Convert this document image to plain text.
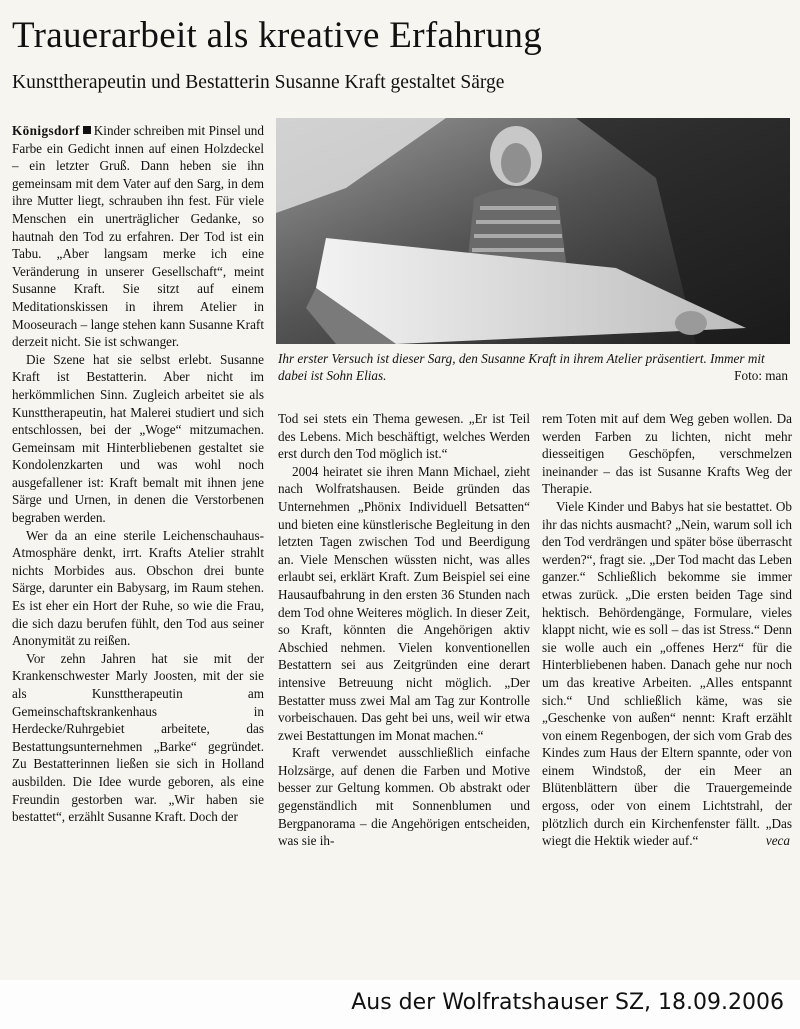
Trauerarbeit als kreative Erfahrung
Kunsttherapeutin und Bestatterin Susanne Kraft gestaltet Särge

Königsdorf Kinder schreiben mit Pinsel und Farbe ein Gedicht innen auf einen Holzdeckel – ein letzter Gruß. Dann heben sie ihn gemeinsam mit dem Vater auf den Sarg, in dem ihre Mutter liegt, schrauben ihn fest. Für viele Menschen ein unerträglicher Gedanke, so hautnah den Tod zu erfahren. Der Tod ist ein Tabu. „Aber langsam merke ich eine Veränderung in unserer Gesellschaft“, meint Susanne Kraft. Sie sitzt auf einem Meditationskissen in ihrem Atelier in Mooseurach – lange stehen kann Susanne Kraft derzeit nicht. Sie ist schwanger.

Die Szene hat sie selbst erlebt. Susanne Kraft ist Bestatterin. Aber nicht im herkömmlichen Sinn. Zugleich arbeitet sie als Kunsttherapeutin, hat Malerei studiert und sich entschlossen, bei der „Woge“ mitzumachen. Gemeinsam mit Hinterbliebenen gestaltet sie Kondolenzkarten und was wohl noch ausgefallener ist: Kraft bemalt mit ihnen jene Särge und Urnen, in denen die Verstorbenen begraben werden.

Wer da an eine sterile Leichenschauhaus-Atmosphäre denkt, irrt. Krafts Atelier strahlt nichts Morbides aus. Obschon drei bunte Särge, darunter ein Babysarg, im Raum stehen. Es ist eher ein Hort der Ruhe, so wie die Frau, die sich dazu berufen fühlt, den Tod aus seiner Anonymität zu reißen.

Vor zehn Jahren hat sie mit der Krankenschwester Marly Joosten, mit der sie als Kunsttherapeutin am Gemeinschaftskrankenhaus in Herdecke/Ruhrgebiet arbeitete, das Bestattungsunternehmen „Barke“ gegründet. Zu Bestatterinnen ließen sie sich in Holland ausbilden. Die Idee wurde geboren, als eine Freundin gestorben war. „Wir haben sie bestattet“, erzählt Susanne Kraft. Doch der

Ihr erster Versuch ist dieser Sarg, den Susanne Kraft in ihrem Atelier präsentiert. Immer mit dabei ist Sohn Elias.	Foto: man

Tod sei stets ein Thema gewesen. „Er ist Teil des Lebens. Mich beschäftigt, welches Werden erst durch den Tod möglich ist.“

2004 heiratet sie ihren Mann Michael, zieht nach Wolfratshausen. Beide gründen das Unternehmen „Phönix Individuell Betsatten“ und bieten eine künstlerische Begleitung in den letzten Tagen zwischen Tod und Beerdigung an. Viele Menschen wüssten nicht, was alles erlaubt sei, erklärt Kraft. Zum Beispiel sei eine Hausaufbahrung in den ersten 36 Stunden nach dem Tod ohne Weiteres möglich. In dieser Zeit, so Kraft, könnten die Angehörigen aktiv Abschied nehmen. Vielen konventionellen Bestattern sei aus Zeitgründen eine derart intensive Betreuung nicht möglich. „Der Bestatter muss zwei Mal am Tag zur Kontrolle vorbeischauen. Das geht bei uns, weil wir etwa zwei Bestattungen im Monat machen.“

Kraft verwendet ausschließlich einfache Holzsärge, auf denen die Farben und Motive besser zur Geltung kommen. Ob abstrakt oder gegenständlich mit Sonnenblumen und Bergpanorama – die Angehörigen entscheiden, was sie ih-

rem Toten mit auf dem Weg geben wollen. Da werden Farben zu lichten, nicht mehr diesseitigen Geschöpfen, verschmelzen ineinander – das ist Susanne Krafts Weg der Therapie.

Viele Kinder und Babys hat sie bestattet. Ob ihr das nichts ausmacht? „Nein, warum soll ich den Tod verdrängen und später böse überrascht werden?“, fragt sie. „Der Tod macht das Leben ganzer.“ Schließlich bekomme sie immer etwas zurück. „Die ersten beiden Tage sind hektisch. Behördengänge, Formulare, vieles klappt nicht, wie es soll – das ist Stress.“ Denn sie wolle auch ein „offenes Herz“ für die Hinterbliebenen haben. Danach gehe nur noch um das kreative Arbeiten. „Alles entspannt sich.“ Und schließlich käme, was sie „Geschenke von außen“ nennt: Kraft erzählt von einem Regenbogen, der sich vom Grab des Kindes zum Haus der Eltern spannte, oder von einem Windstoß, der ein Meer an Blütenblättern über die Trauergemeinde ergoss, oder von einem Lichtstrahl, der plötzlich durch ein Kirchenfenster fällt. „Das wiegt die Hektik wieder auf.“	veca

Aus der Wolfratshauser SZ, 18.09.2006
